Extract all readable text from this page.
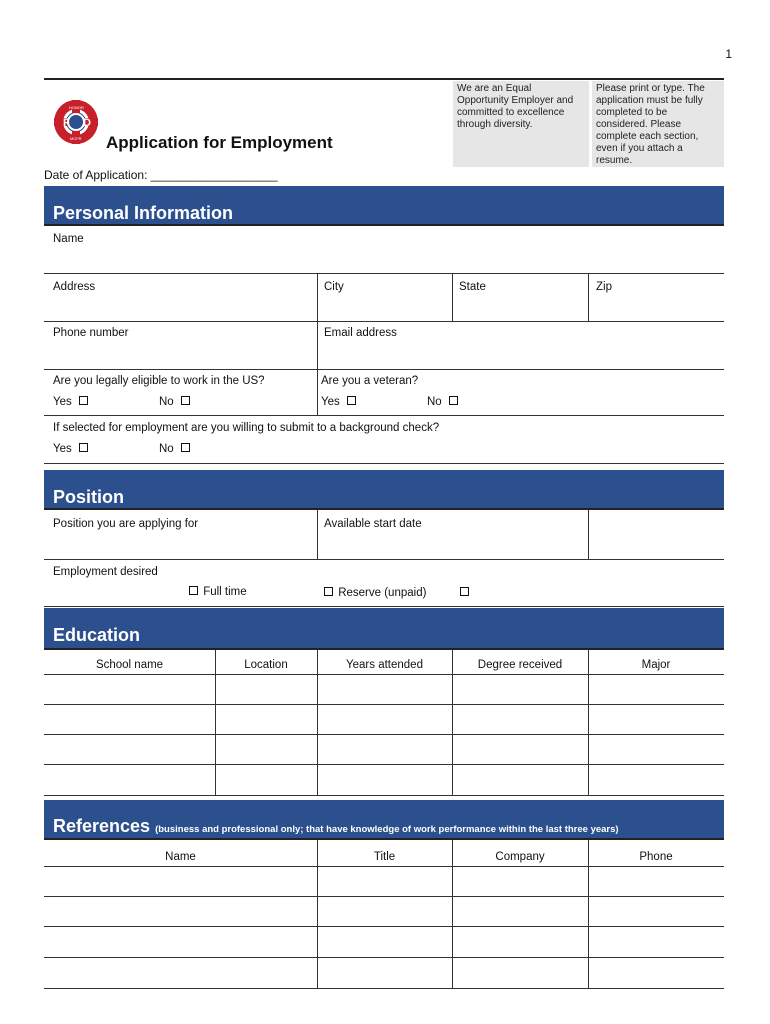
1
F D
HONOR
MCFR Application for Employment
We are an Equal Opportunity Employer and committed to excellence through diversity.
Please print or type. The application must be fully completed to be considered. Please complete each section, even if you attach a resume.
Date of Application: ___________________
Personal Information
Name
Address	City	State	Zip
Phone number	Email address
Are you legally eligible to work in the US?	Are you a veteran?
Yes	No	Yes	No
If selected for employment are you willing to submit to a background check?
Yes	No
Position
Position you are applying for	Available start date
Employment desired
Full time	Reserve (unpaid)
Education
School name	Location	Years attended	Degree received	Major
References (business and professional only; that have knowledge of work performance within the last three years)
Name	Title	Company	Phone
